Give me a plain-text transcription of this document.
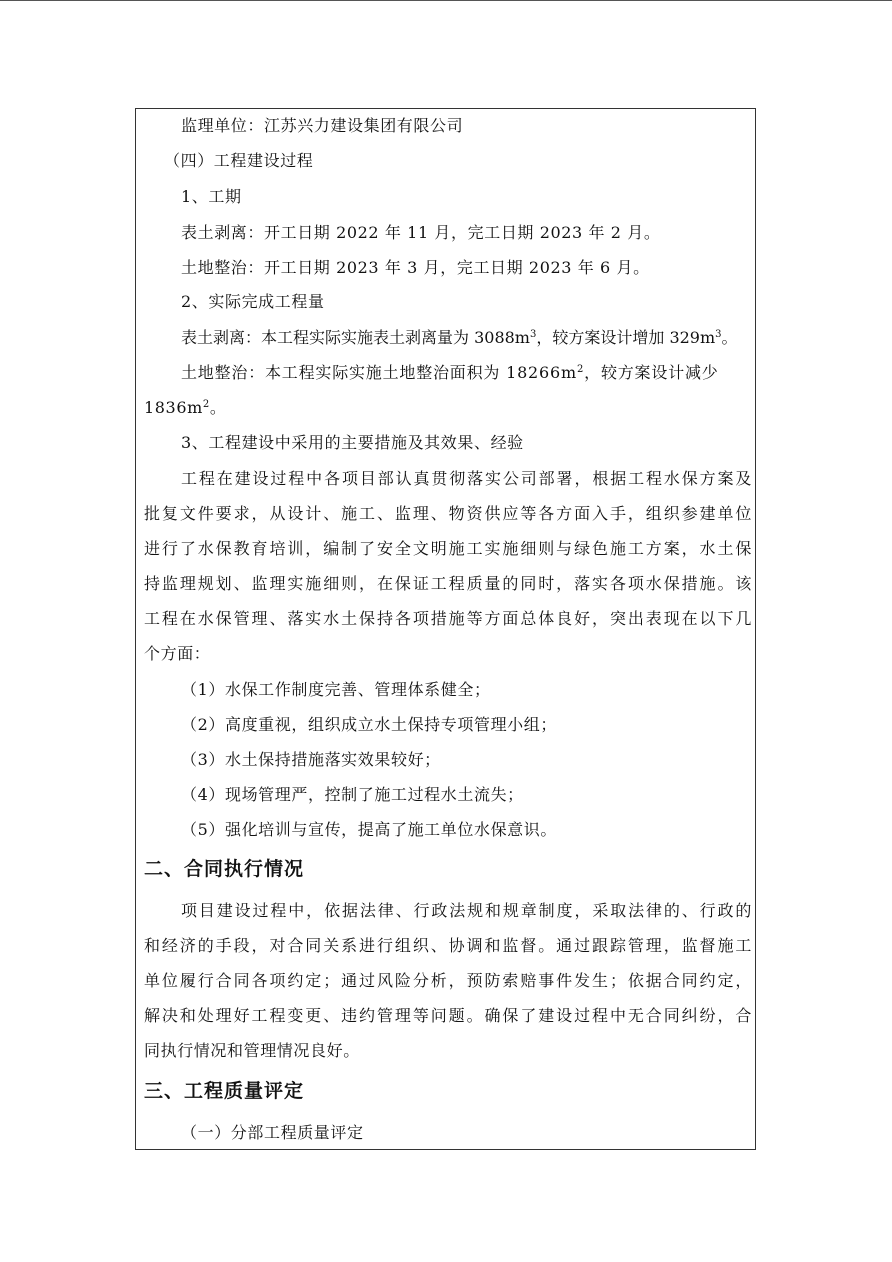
监理单位：江苏兴力建设集团有限公司
（四）工程建设过程
1、工期
表土剥离：开工日期 2022 年 11 月，完工日期 2023 年 2 月。
土地整治：开工日期 2023 年 3 月，完工日期 2023 年 6 月。
2、实际完成工程量
表土剥离：本工程实际实施表土剥离量为 $3088m^3$，较方案设计增加 $329m^3$。
土地整治：本工程实际实施土地整治面积为 $18266m^2$，较方案设计减少
$1836m^2$。
3、工程建设中采用的主要措施及其效果、经验
工程在建设过程中各项目部认真贯彻落实公司部署，根据工程水保方案及
批复文件要求，从设计、施工、监理、物资供应等各方面入手，组织参建单位
进行了水保教育培训，编制了安全文明施工实施细则与绿色施工方案，水土保
持监理规划、监理实施细则，在保证工程质量的同时，落实各项水保措施。该
工程在水保管理、落实水土保持各项措施等方面总体良好，突出表现在以下几
个方面：
（1）水保工作制度完善、管理体系健全；
（2）高度重视，组织成立水土保持专项管理小组；
（3）水土保持措施落实效果较好；
（4）现场管理严，控制了施工过程水土流失；
（5）强化培训与宣传，提高了施工单位水保意识。
二、合同执行情况
项目建设过程中，依据法律、行政法规和规章制度，采取法律的、行政的
和经济的手段，对合同关系进行组织、协调和监督。通过跟踪管理，监督施工
单位履行合同各项约定；通过风险分析，预防索赔事件发生；依据合同约定，
解决和处理好工程变更、违约管理等问题。确保了建设过程中无合同纠纷，合
同执行情况和管理情况良好。
三、工程质量评定
（一）分部工程质量评定
